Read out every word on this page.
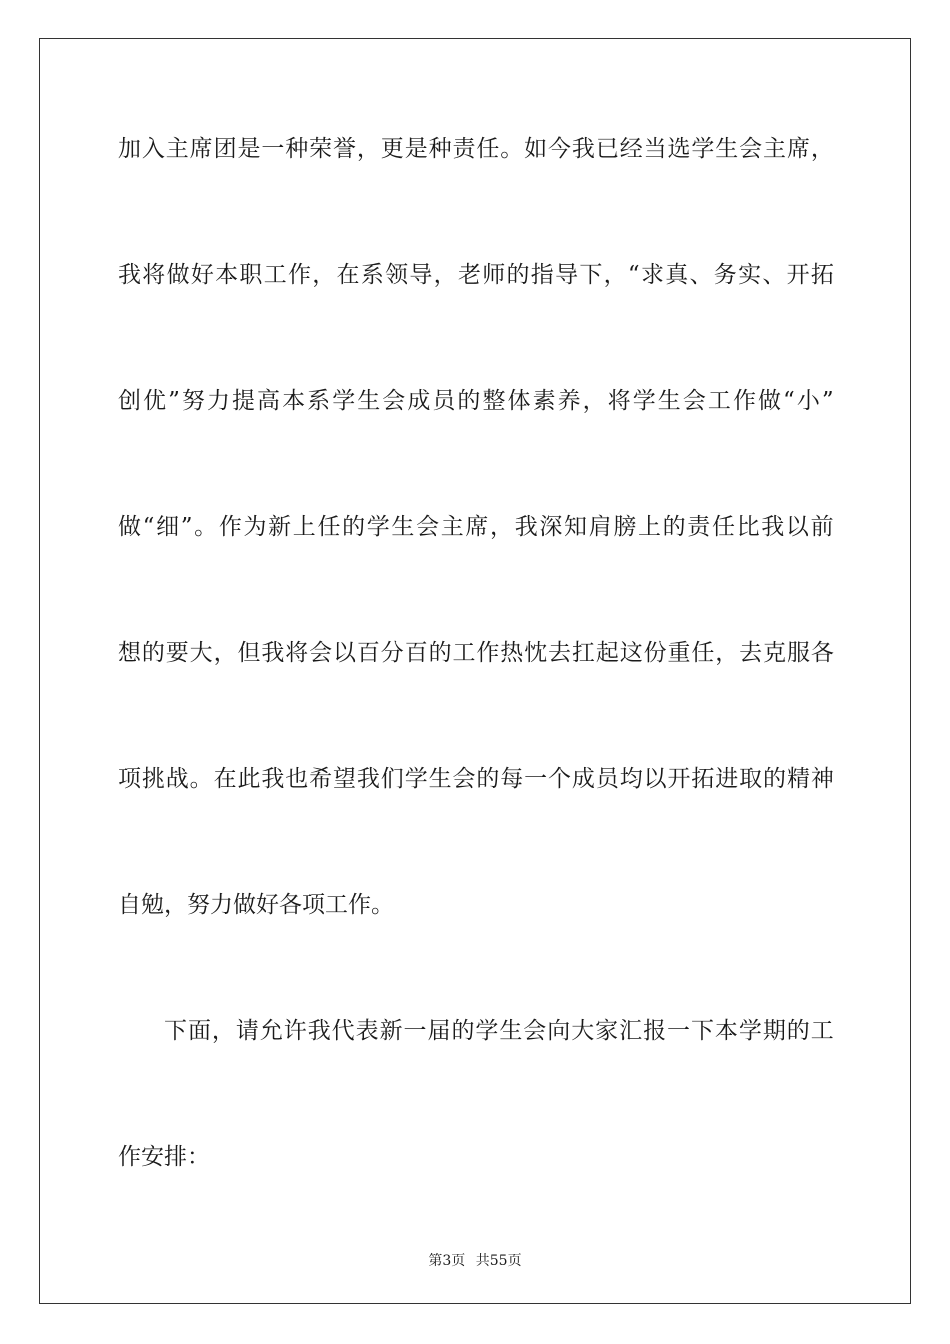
加 入 主 席 团 是 一 种 荣 誉 ， 更 是 种 责 任 。 如 今 我 已 经 当 选 学 生 会 主 席 ，
我 将 做 好 本 职 工 作 ， 在 系 领 导 ， 老 师 的 指 导 下 ， “ 求 真 、 务 实 、 开 拓
创 优 ” 努 力 提 高 本 系 学 生 会 成 员 的 整 体 素 养 ， 将 学 生 会 工 作 做 “ 小 ”
做 “ 细 ” 。 作 为 新 上 任 的 学 生 会 主 席 ， 我 深 知 肩 膀 上 的 责 任 比 我 以 前
想 的 要 大 ， 但 我 将 会 以 百 分 百 的 工 作 热 忱 去 扛 起 这 份 重 任 ， 去 克 服 各
项 挑 战 。 在 此 我 也 希 望 我 们 学 生 会 的 每 一 个 成 员 均 以 开 拓 进 取 的 精 神
自勉，努力做好各项工作。
下 面 ， 请 允 许 我 代 表 新 一 届 的 学 生 会 向 大 家 汇 报 一 下 本 学 期 的 工
作安排：
第3页 共55页
